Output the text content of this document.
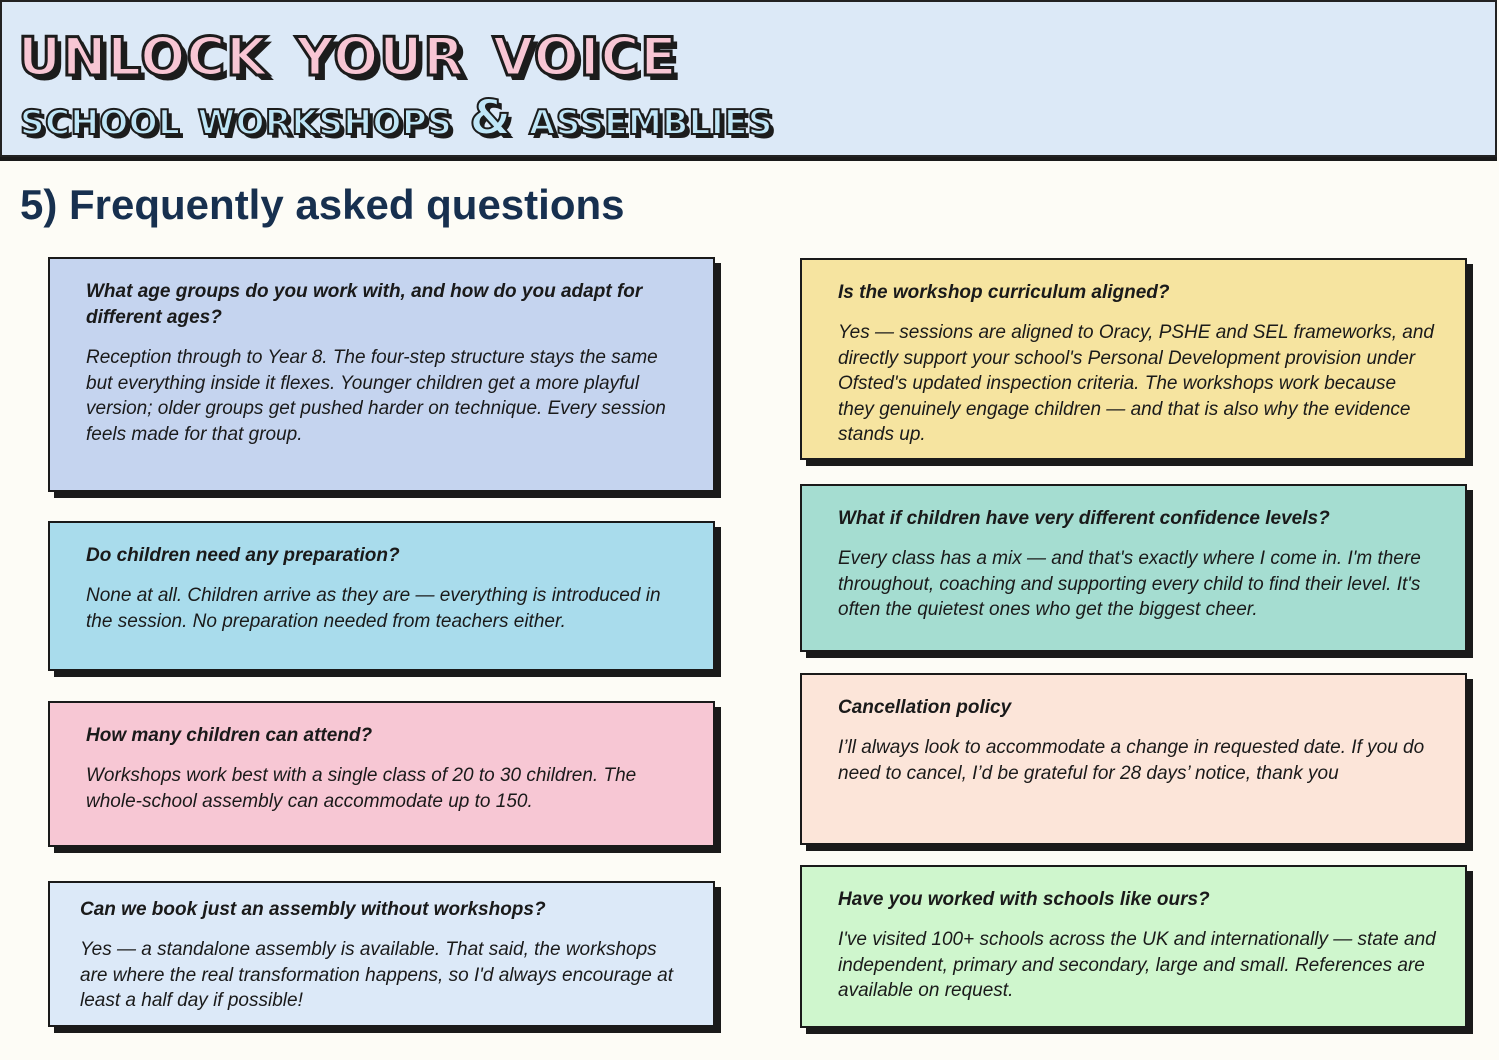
unlock your voice
school workshops & assemblies
5) Frequently asked questions

What age groups do you work with, and how do you adapt for different ages?

Reception through to Year 8. The four-step structure stays the same but everything inside it flexes. Younger children get a more playful version; older groups get pushed harder on technique. Every session feels made for that group.

Do children need any preparation?

None at all. Children arrive as they are — everything is introduced in the session. No preparation needed from teachers either.

How many children can attend?

Workshops work best with a single class of 20 to 30 children. The whole-school assembly can accommodate up to 150.

Can we book just an assembly without workshops?

Yes — a standalone assembly is available. That said, the workshops are where the real transformation happens, so I'd always encourage at least a half day if possible!

Is the workshop curriculum aligned?

Yes — sessions are aligned to Oracy, PSHE and SEL frameworks, and directly support your school's Personal Development provision under Ofsted's updated inspection criteria. The workshops work because they genuinely engage children — and that is also why the evidence stands up.

What if children have very different confidence levels?

Every class has a mix — and that's exactly where I come in. I'm there throughout, coaching and supporting every child to find their level. It's often the quietest ones who get the biggest cheer.

Cancellation policy

I’ll always look to accommodate a change in requested date. If you do need to cancel, I’d be grateful for 28 days’ notice, thank you

Have you worked with schools like ours?

I've visited 100+ schools across the UK and internationally — state and independent, primary and secondary, large and small. References are available on request.
